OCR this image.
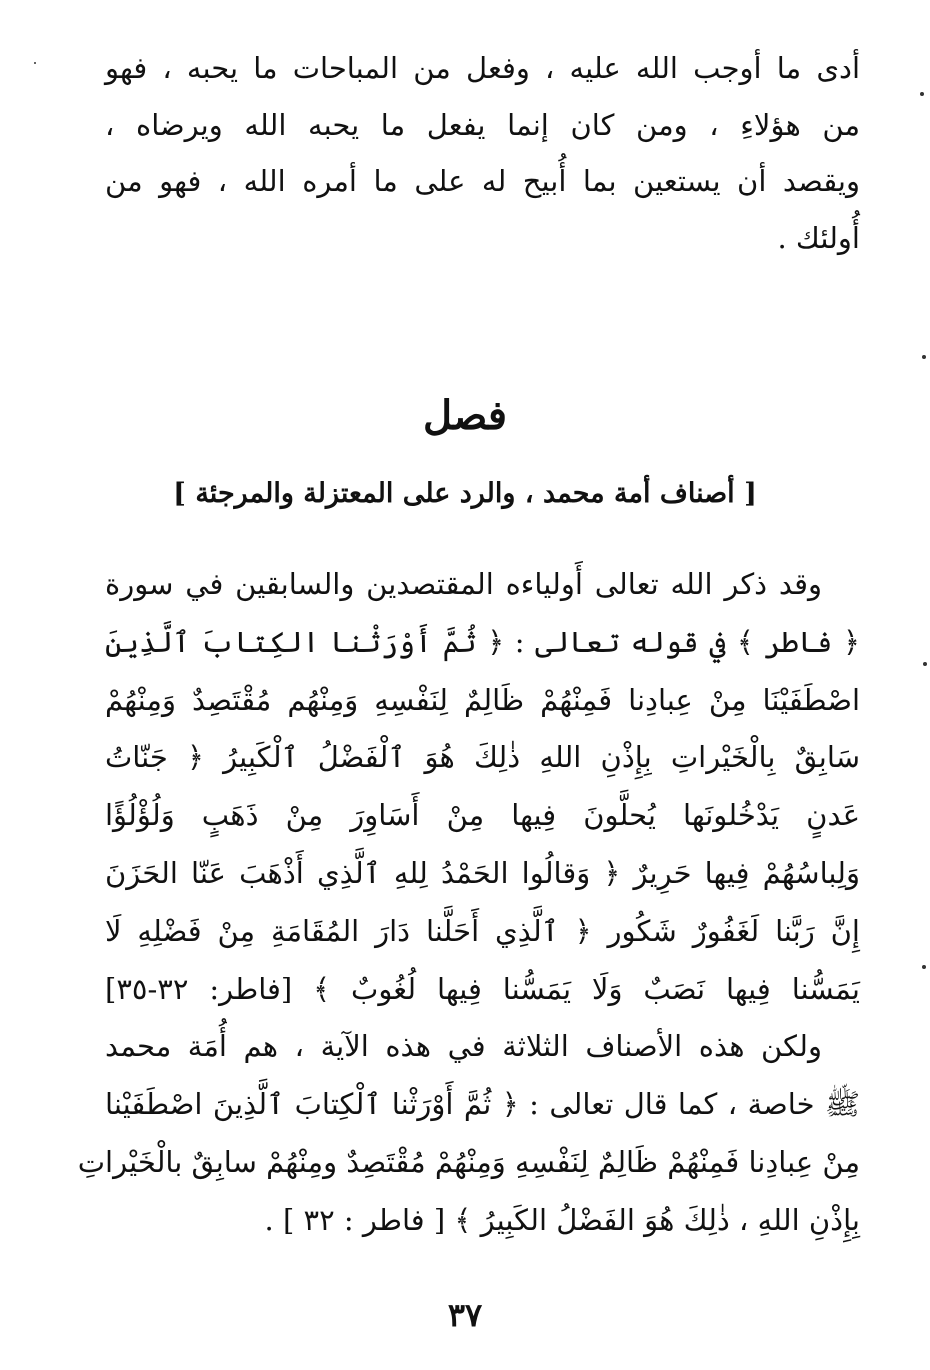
أدى ما أوجب الله عليه ، وفعل من المباحات ما يحبه ، فهو
من هؤلاءِ ، ومن كان إنما يفعل ما يحبه الله ويرضاه ،
ويقصد أن يستعين بما أُبيح له على ما أمره الله ، فهو من
أُولئك .
فصل
[ أصناف أمة محمد ، والرد على المعتزلة والمرجئة ]
وقد ذكر الله تعالى أَولياءه المقتصدين والسابقين في سورة
﴿ فاطر ﴾ في قوله تعالى : ﴿ ثُمَّ أَوْرَثْنا الكِتابَ ٱلَّذِينَ
اصْطَفَيْنَا مِنْ عِبادِنا فَمِنْهُمْ ظَالِمٌ لِنَفْسِهِ وَمِنْهُم مُقْتَصِدٌ وَمِنْهُمْ
سَابِقٌ بِالْخَيْراتِ بِإِذْنِ اللهِ ذٰلِكَ هُوَ ٱلْفَضْلُ ٱلْكَبِيرُ ﴿ جَنّاتُ
عَدنٍ يَدْخُلونَها يُحلَّونَ فِيها مِنْ أَسَاوِرَ مِنْ ذَهَبٍ وَلُؤْلُؤًا
وَلِباسُهُمْ فِيها حَرِيرٌ ﴿ وَقالُوا الحَمْدُ لِلهِ ٱلَّذِي أَذْهَبَ عَنّا الحَزَنَ
إِنَّ رَبَّنا لَغَفُورٌ شَكُور ﴿ ٱلَّذِي أَحَلَّنا دَارَ المُقَامَةِ مِنْ فَضْلِهِ لَا
يَمَسُّنا فِيها نَصَبٌ وَلَا يَمَسُّنا فِيها لُغُوبٌ ﴾ [فاطر: ٣٢-٣٥]
ولكن هذه الأصناف الثلاثة في هذه الآية ، هم أُمَة محمد
ﷺ خاصة ، كما قال تعالى : ﴿ ثُمَّ أَوْرَثْنا ٱلْكِتابَ ٱلَّذِينَ اصْطَفَيْنا
مِنْ عِبادِنا فَمِنْهُمْ ظَالِمٌ لِنَفْسِهِ وَمِنْهُمْ مُقْتَصِدٌ ومِنْهُمْ سابِقٌ بالْخَيْراتِ
بِإِذْنِ اللهِ ، ذٰلِكَ هُوَ الفَضْلُ الكَبِيرُ ﴾ [ فاطر : ٣٢ ] .
٣٧
